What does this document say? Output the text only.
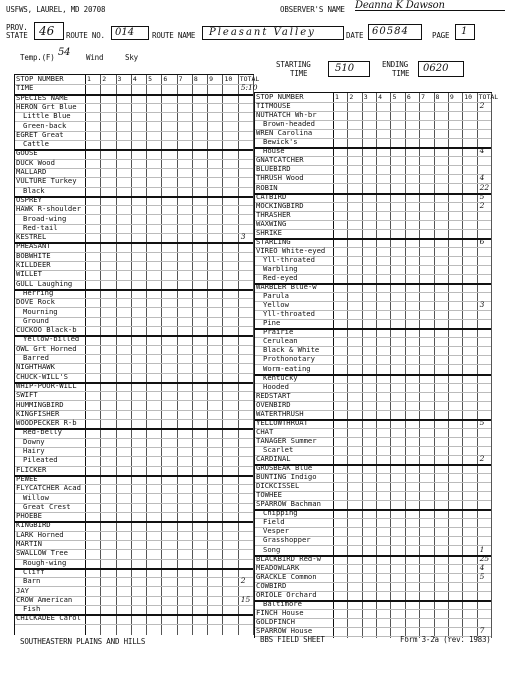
USFWS, LAUREL, MD 20708	OBSERVER'S NAME Deanna K Dawson
PROV.
STATE 46 ROUTE NO. 014 ROUTE NAME Pleasant Valley	DATE 60584	PAGE 1
Temp.(F) 54 Wind	Sky
STARTING
TIME	510	ENDING
TIME 0620
STOP NUMBER	1 2 3 4 5 6 7 8 9 10 TOTAL
TIME	5:10
SPECIES NAME
HERON Grt Blue
Little Blue
Green-back
EGRET Great
Cattle
GOOSE
DUCK Wood
MALLARD
VULTURE Turkey
Black
OSPREY
HAWK R-shoulder
Broad-wing
Red-tail
KESTREL	3
PHEASANT
BOBWHITE
KILLDEER
WILLET
GULL Laughing
Herring
DOVE Rock
Mourning
Ground
CUCKOO Black-b
Yellow-billed
OWL Grt Horned
Barred
NIGHTHAWK
CHUCK-WILL'S
WHIP-POOR-WILL
SWIFT
HUMMINGBIRD
KINGFISHER
WOODPECKER R-b
Red-belly
Downy
Hairy
Pileated
FLICKER
PEWEE
FLYCATCHER Acad
Willow
Great Crest
PHOEBE
KINGBIRD
LARK Horned
MARTIN
SWALLOW Tree
Rough-wing
Cliff
Barn	2
JAY
CROW American	15
Fish
CHICKADEE Carol
STOP NUMBER	1 2 3 4 5 6 7 8 9 10 TOTAL
TITMOUSE	2
NUTHATCH Wh-br
Brown-headed
WREN Carolina
Bewick's
House	4
GNATCATCHER
BLUEBIRD
THRUSH Wood	4
ROBIN	22
CATBIRD	5
MOCKINGBIRD	2
THRASHER
WAXWING
SHRIKE
STARLING	6
VIREO White-eyed
Yll-throated
Warbling
Red-eyed
WARBLER Blue-w
Parula
Yellow	3
Yll-throated
Pine
Prairie
Cerulean
Black & White
Prothonotary
Worm-eating
Kentucky
Hooded
REDSTART
OVENBIRD
WATERTHRUSH
YELLOWTHROAT	5
CHAT
TANAGER Summer
Scarlet
CARDINAL	2
GROSBEAK Blue
BUNTING Indigo
DICKCISSEL
TOWHEE
SPARROW Bachman
Chipping
Field
Vesper
Grasshopper
Song	1
BLACKBIRD Red-w	25
MEADOWLARK	4
GRACKLE Common	5
COWBIRD
ORIOLE Orchard
Baltimore
FINCH House
GOLDFINCH
SPARROW House	7
SOUTHEASTERN PLAINS AND HILLS	BBS FIELD SHEET	Form 3-2a (rev. 1983)
